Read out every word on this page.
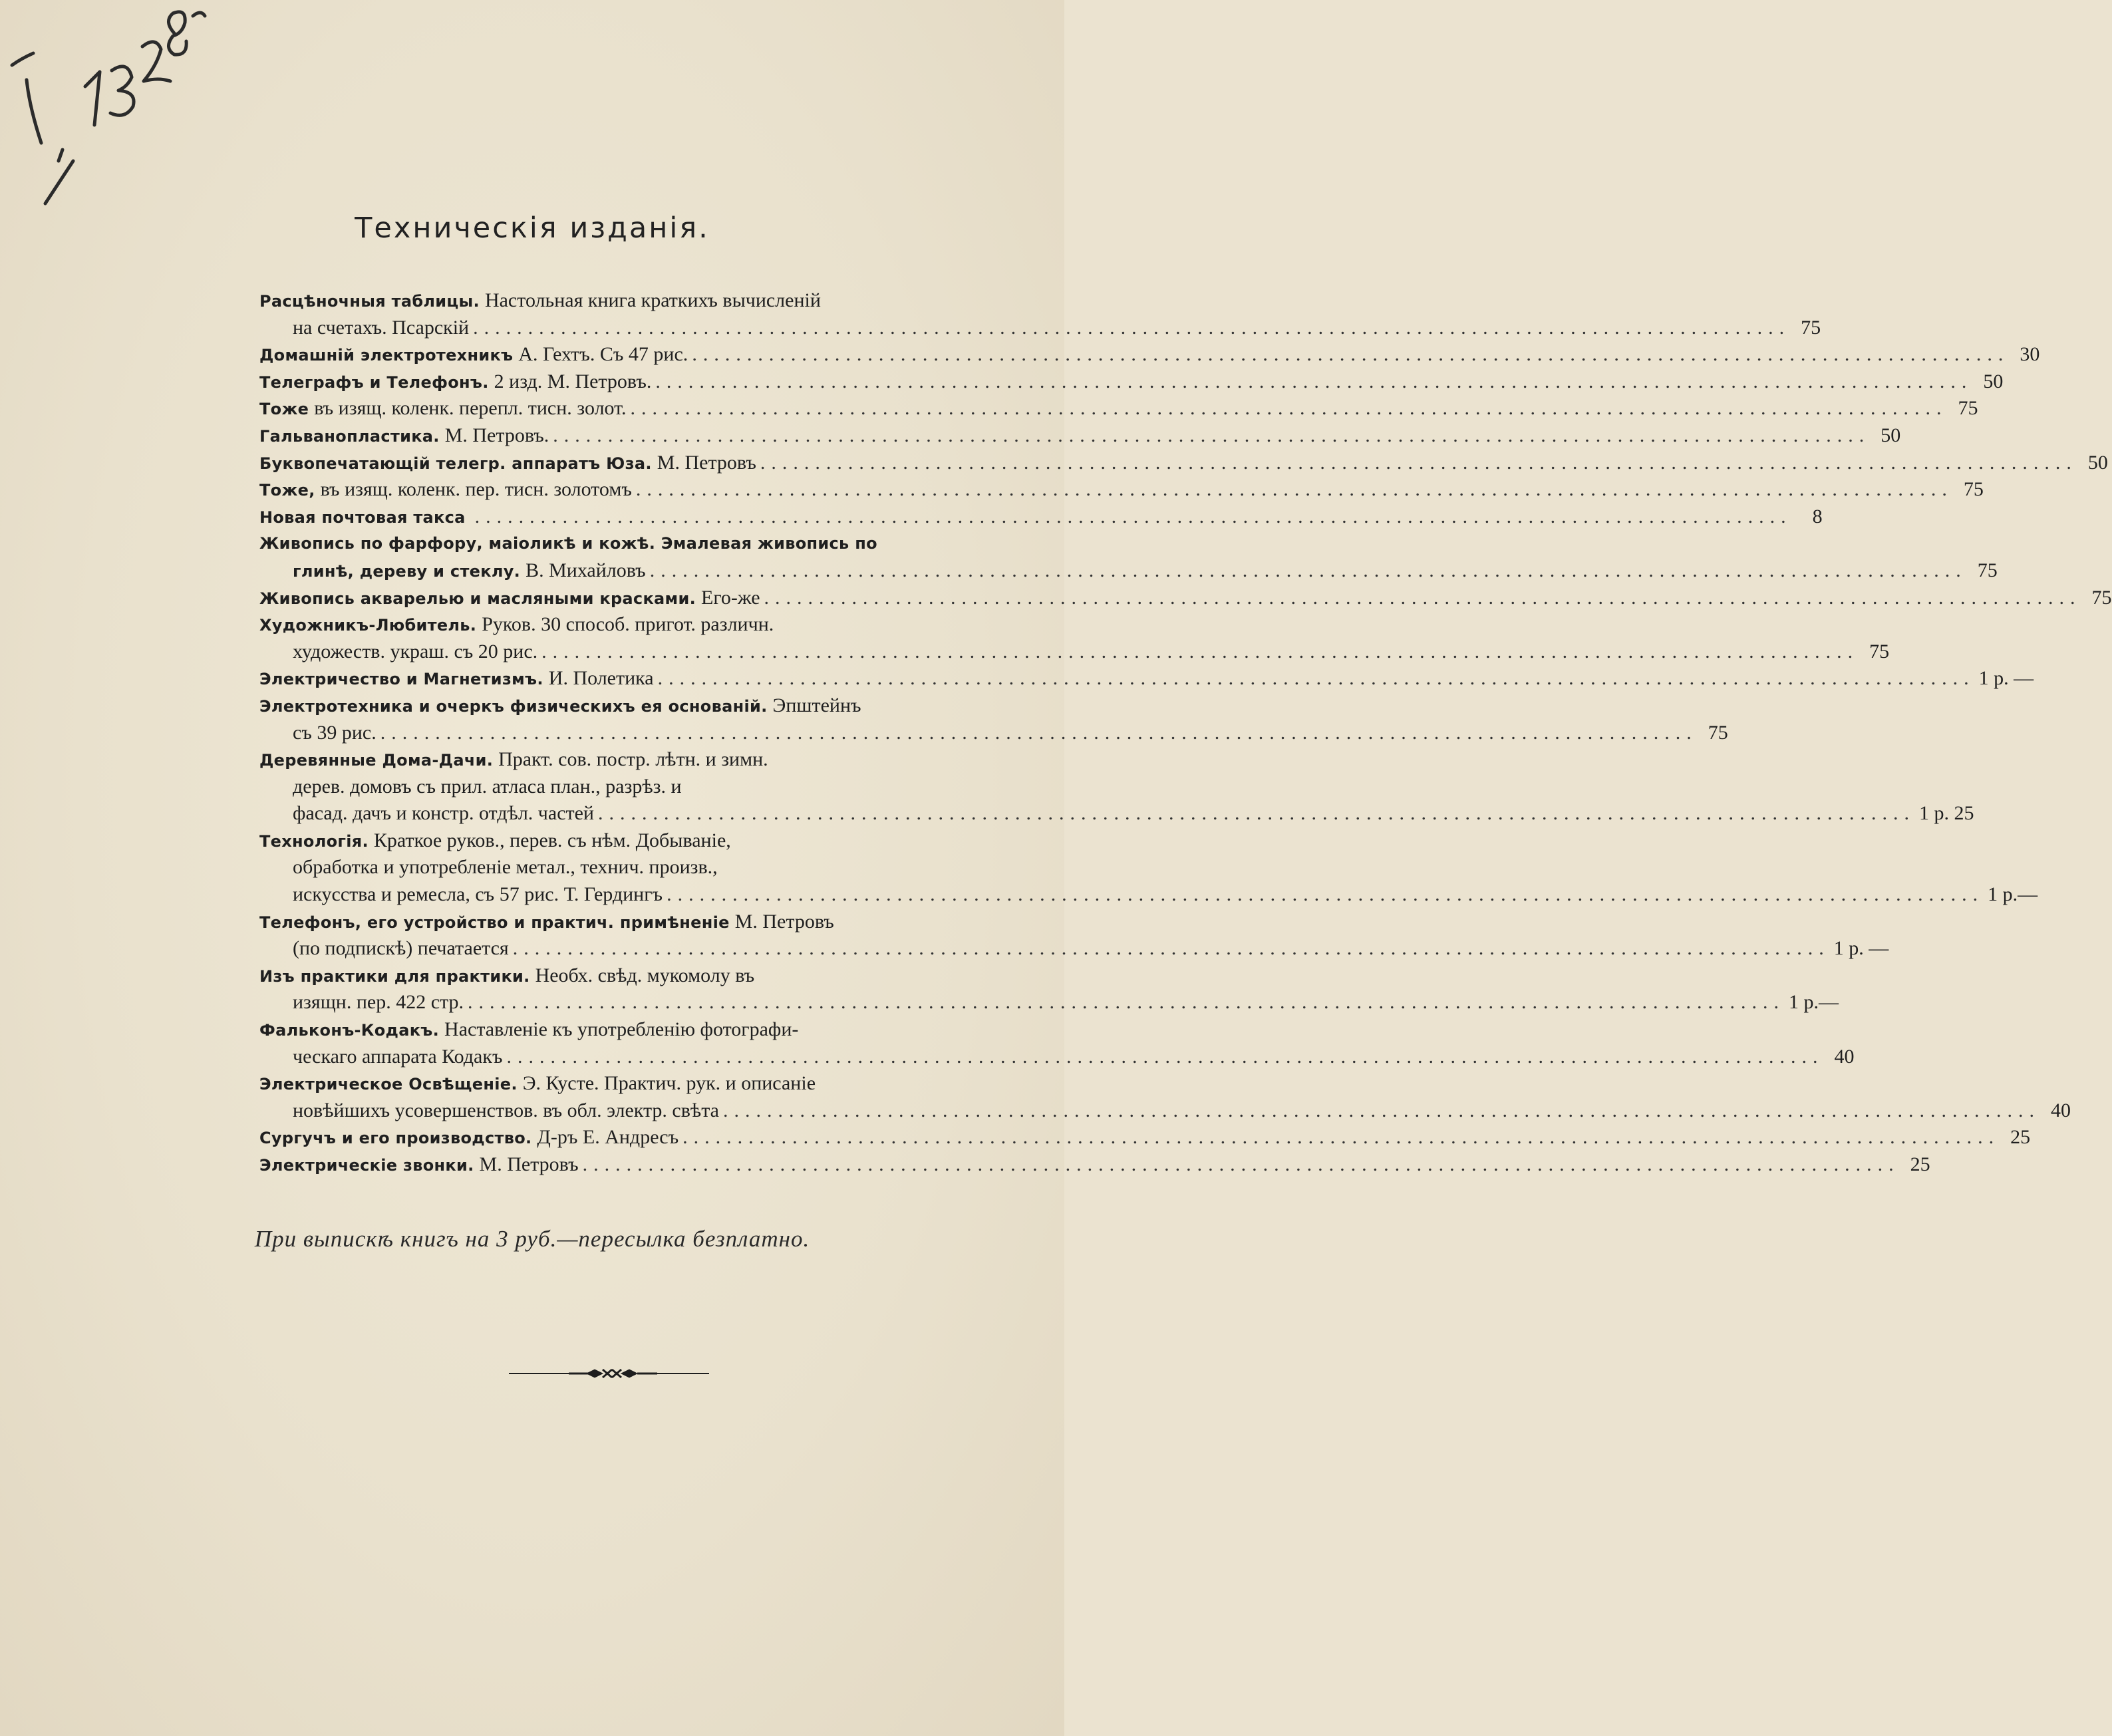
Техническія изданія.
Расцѣночныя таблицы. Настольная книга краткихъ вычисленій
на счетахъ. Псарскій ........................................................................................................................ 75
Домашній электротехникъ А. Гехтъ. Съ 47 рис. ........................................................................................................................ 30
Телеграфъ и Телефонъ. 2 изд. М. Петровъ. ........................................................................................................................ 50
Тоже въ изящ. коленк. перепл. тисн. золот. ........................................................................................................................ 75
Гальванопластика. М. Петровъ. ........................................................................................................................ 50
Буквопечатающій телегр. аппаратъ Юза. М. Петровъ ........................................................................................................................ 50
Тоже, въ изящ. коленк. пер. тисн. золотомъ ........................................................................................................................ 75
Новая почтовая такса ........................................................................................................................	8
Живопись по фарфору, маіоликѣ и кожѣ. Эмалевая живопись по
глинѣ, дереву и стеклу. В. Михайловъ ........................................................................................................................ 75
Живопись акварелью и масляными красками. Его-же ........................................................................................................................ 75
Художникъ-Любитель. Руков. 30 способ. пригот. различн.
художеств. украш. съ 20 рис. ........................................................................................................................ 75
Электричество и Магнетизмъ. И. Полетика ........................................................................................................................ 1 р. —
Электротехника и очеркъ физическихъ ея основаній. Эпштейнъ
съ 39 рис. ........................................................................................................................ 75
Деревянные Дома-Дачи. Практ. сов. постр. лѣтн. и зимн.
дерев. домовъ съ прил. атласа план., разрѣз. и
фасад. дачъ и констр. отдѣл. частей ........................................................................................................................ 1 р. 25
Технологія. Краткое руков., перев. съ нѣм. Добываніе,
обработка и употребленіе метал., технич. произв.,
искусства и ремесла, съ 57 рис. Т. Гердингъ ........................................................................................................................ 1 р.—
Телефонъ, его устройство и практич. примѣненіе М. Петровъ
(по подпискѣ) печатается ........................................................................................................................ 1 р. —
Изъ практики для практики. Необх. свѣд. мукомолу въ
изящн. пер. 422 стр. ........................................................................................................................ 1 р.—
Фальконъ-Кодакъ. Наставленіе къ употребленію фотографи-
ческаго аппарата Кодакъ ........................................................................................................................ 40
Электрическое Освѣщеніе. Э. Кусте. Практич. рук. и описаніе
новѣйшихъ усовершенствов. въ обл. электр. свѣта ........................................................................................................................ 40
Сургучъ и его производство. Д-ръ Е. Андресъ ........................................................................................................................ 25
Электрическіе звонки. М. Петровъ ........................................................................................................................ 25
При выпискѣ книгъ на 3 руб.—пересылка безплатно.
